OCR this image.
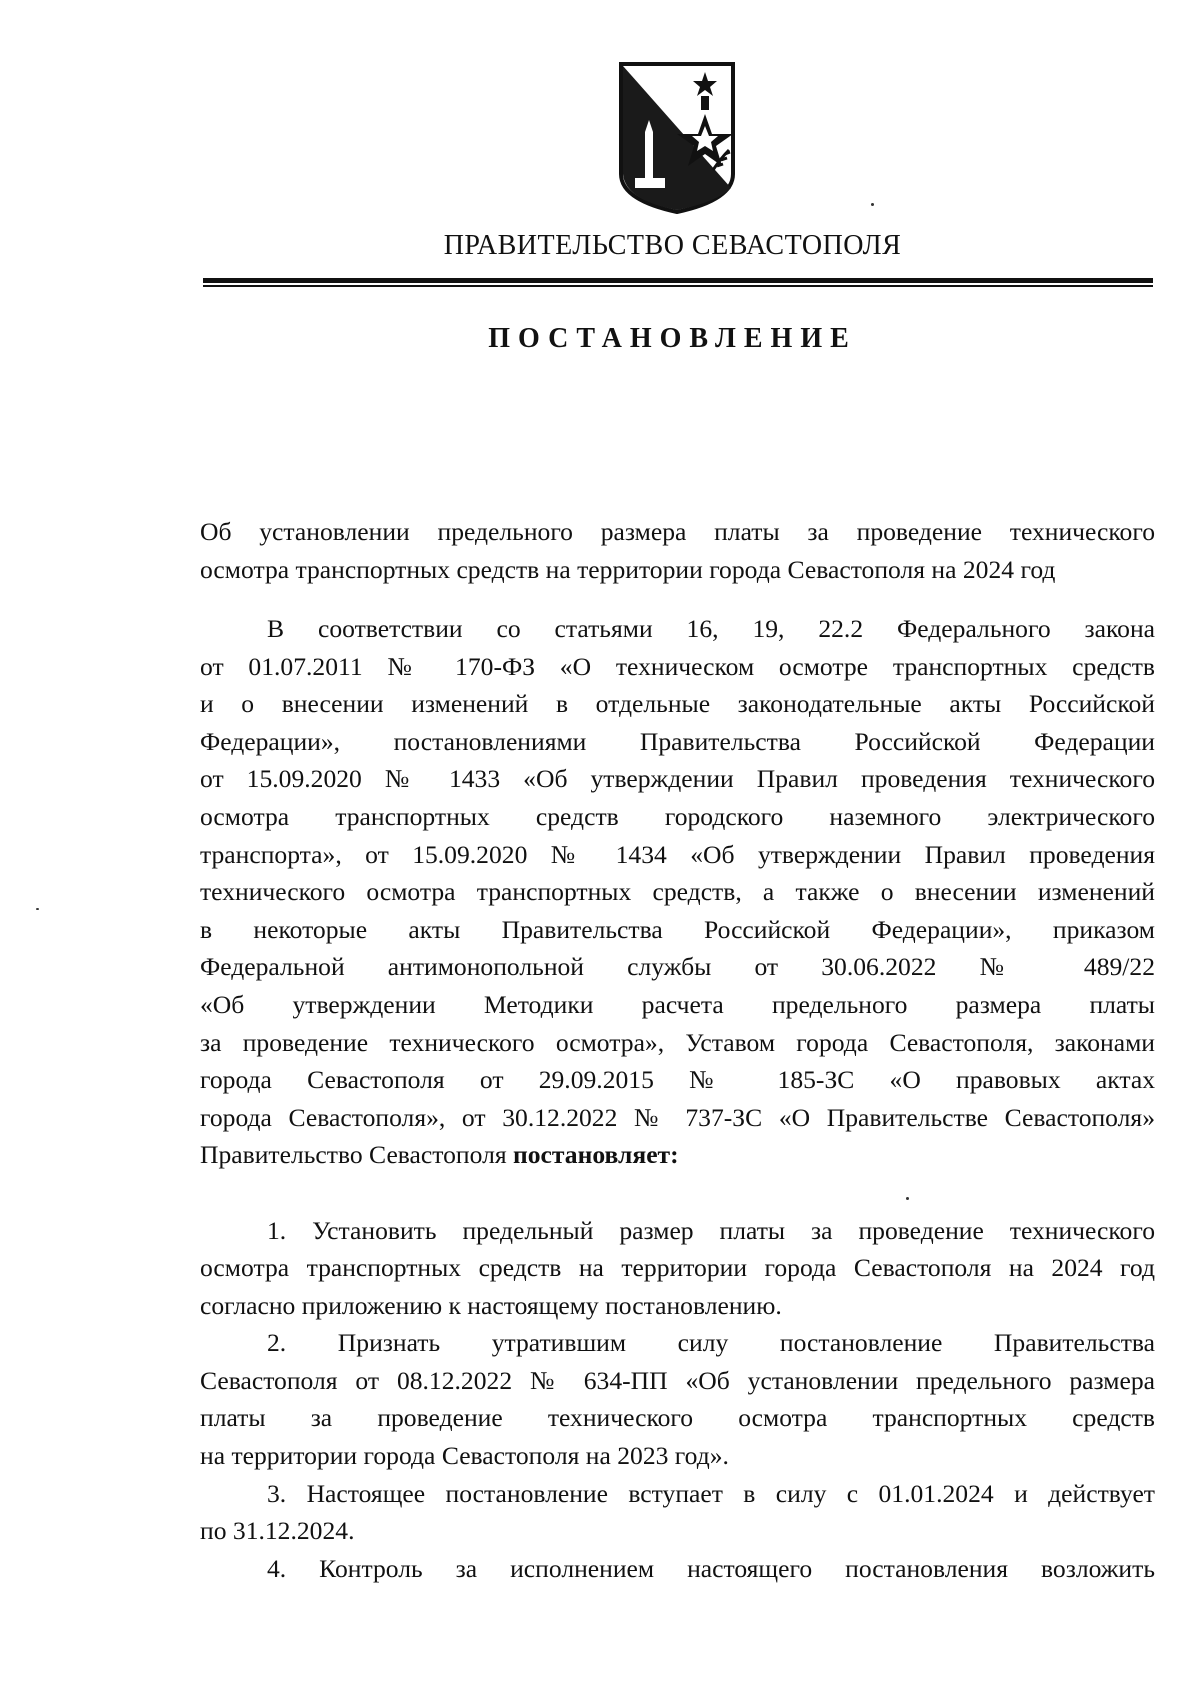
ПРАВИТЕЛЬСТВО СЕВАСТОПОЛЯ
ПОСТАНОВЛЕНИЕ
Об установлении предельного размера платы за проведение технического
осмотра транспортных средств на территории города Севастополя на 2024 год
В соответствии со статьями 16, 19, 22.2 Федерального закона
от 01.07.2011 № 170-ФЗ «О техническом осмотре транспортных средств
и о внесении изменений в отдельные законодательные акты Российской
Федерации», постановлениями Правительства Российской Федерации
от 15.09.2020 № 1433 «Об утверждении Правил проведения технического
осмотра транспортных средств городского наземного электрического
транспорта», от 15.09.2020 № 1434 «Об утверждении Правил проведения
технического осмотра транспортных средств, а также о внесении изменений
в некоторые акты Правительства Российской Федерации», приказом
Федеральной антимонопольной службы от 30.06.2022 № 489/22
«Об утверждении Методики расчета предельного размера платы
за проведение технического осмотра», Уставом города Севастополя, законами
города Севастополя от 29.09.2015 № 185-ЗС «О правовых актах
города Севастополя», от 30.12.2022 № 737-ЗС «О Правительстве Севастополя»
Правительство Севастополя постановляет:
1. Установить предельный размер платы за проведение технического
осмотра транспортных средств на территории города Севастополя на 2024 год
согласно приложению к настоящему постановлению.
2. Признать утратившим силу постановление Правительства
Севастополя от 08.12.2022 № 634-ПП «Об установлении предельного размера
платы за проведение технического осмотра транспортных средств
на территории города Севастополя на 2023 год».
3. Настоящее постановление вступает в силу с 01.01.2024 и действует
по 31.12.2024.
4. Контроль за исполнением настоящего постановления возложить
